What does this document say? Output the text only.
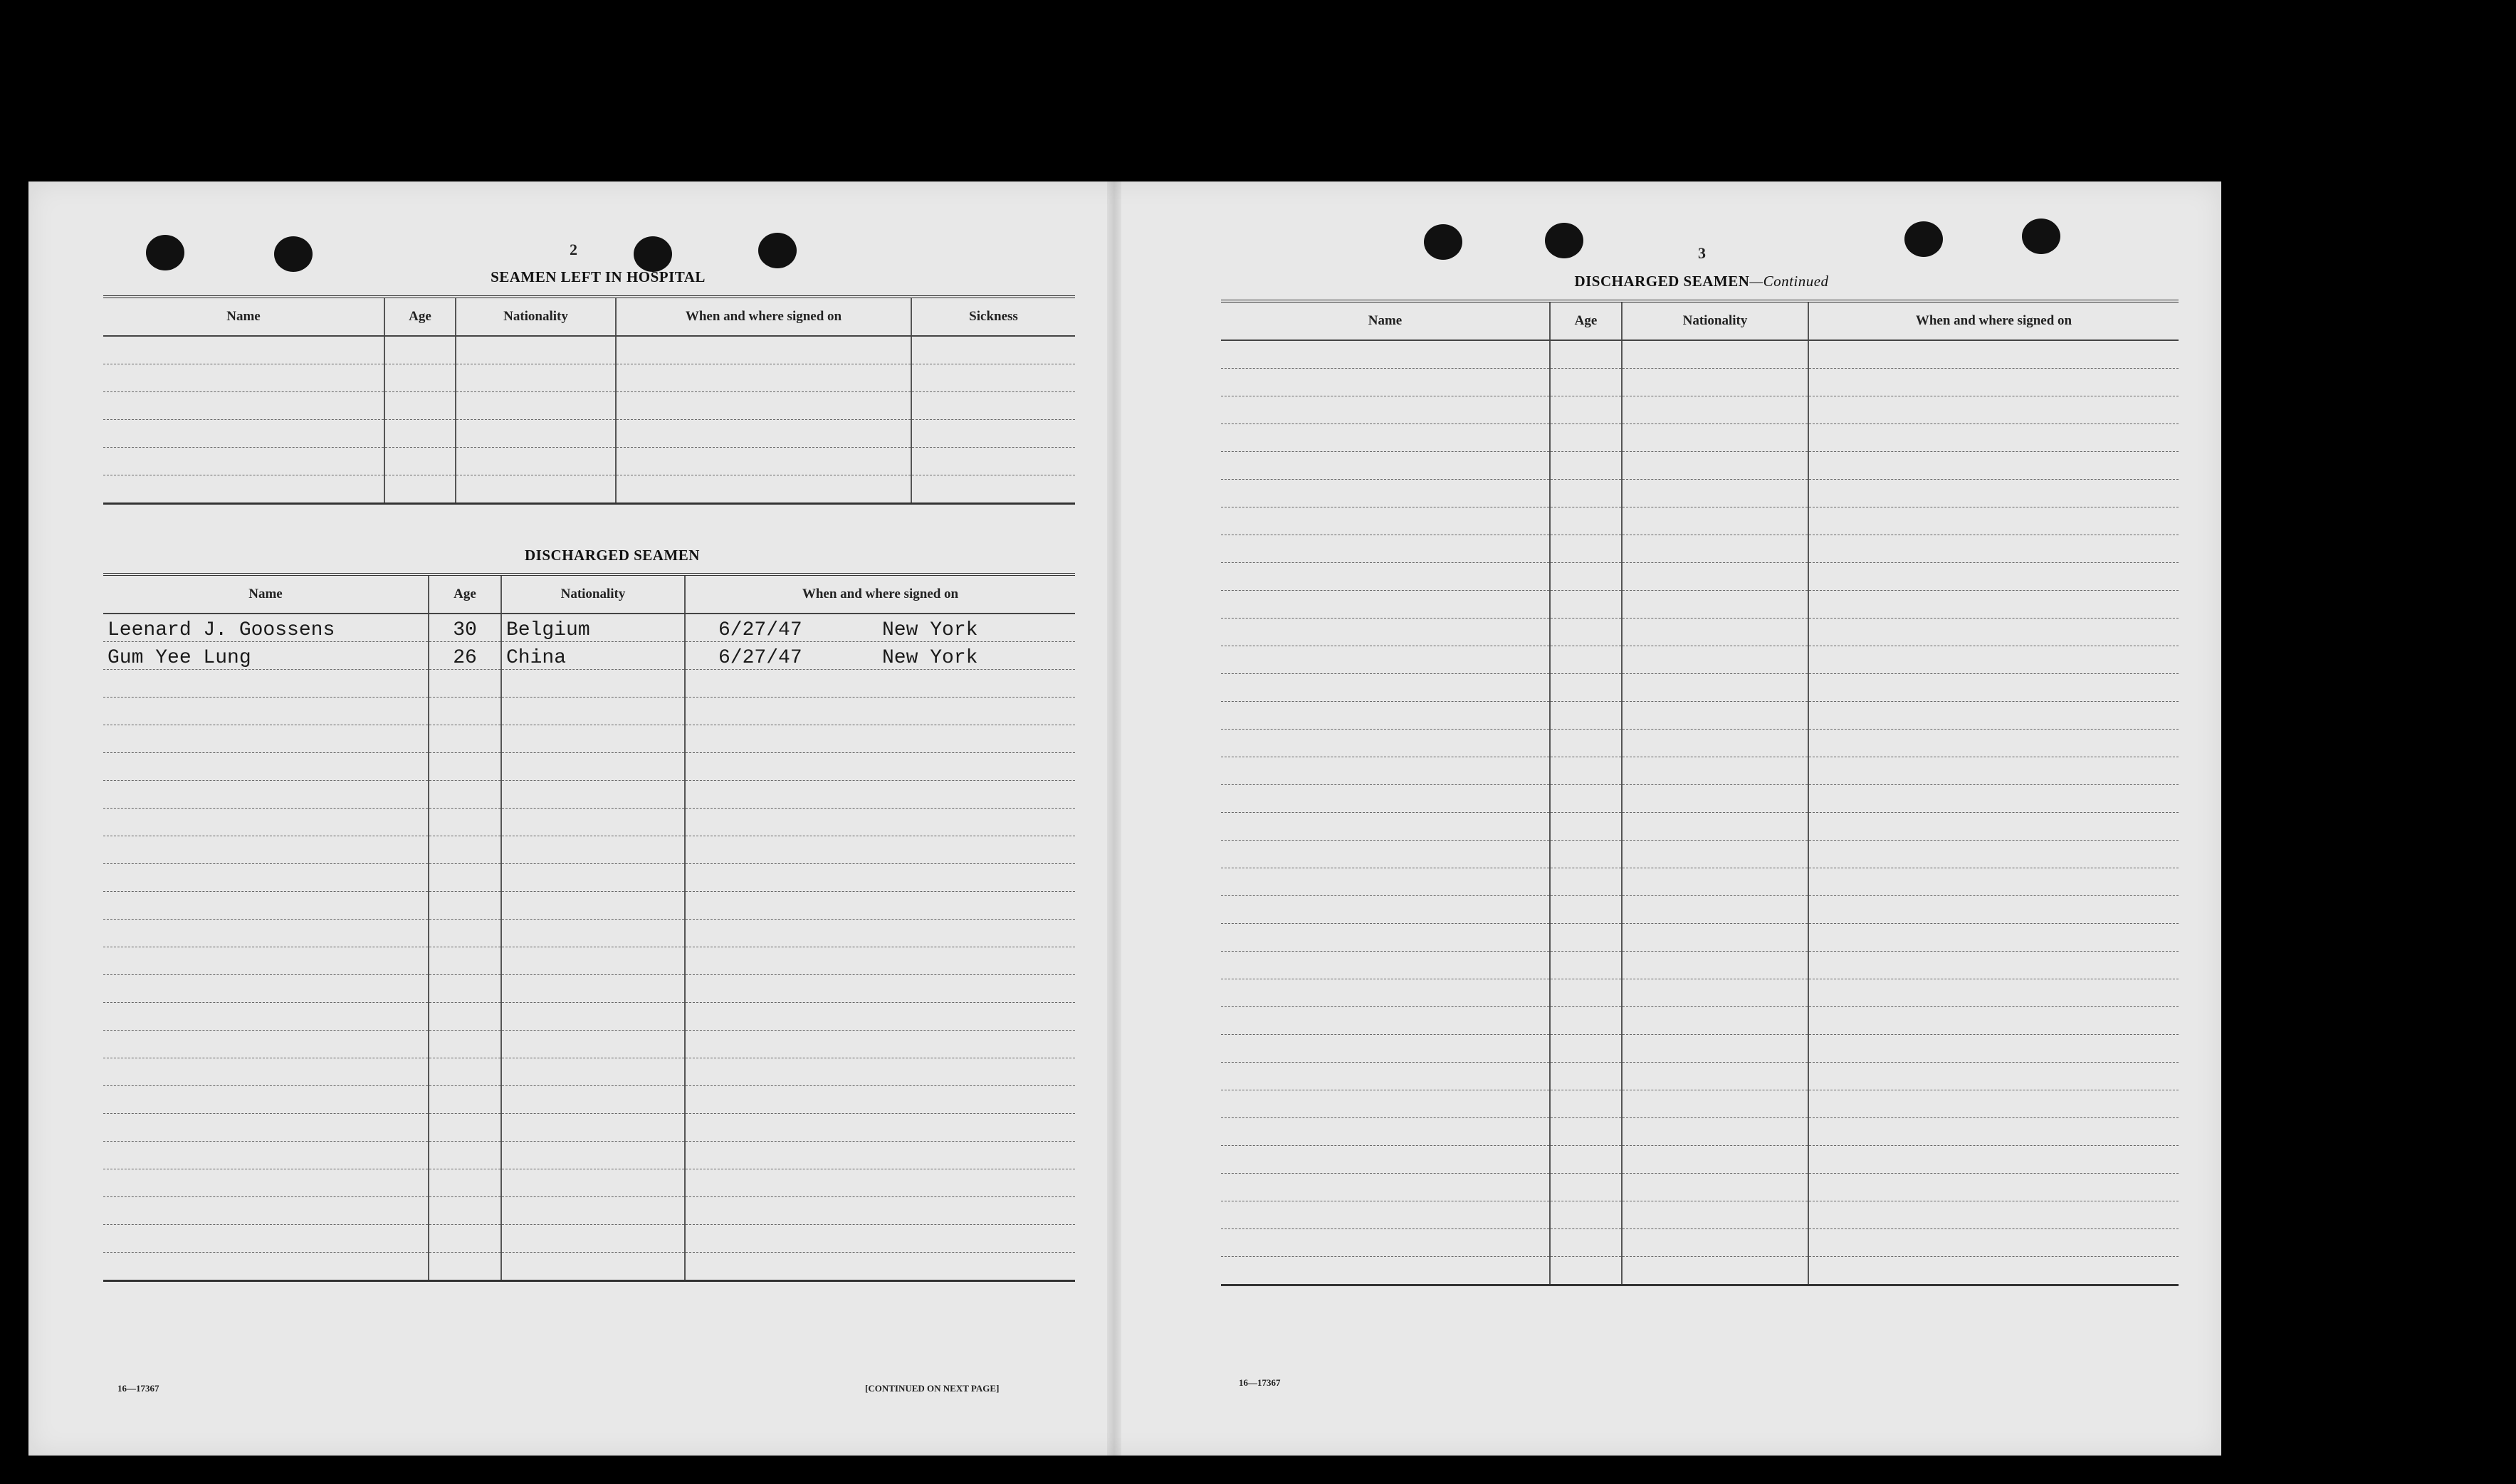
2
SEAMEN LEFT IN HOSPITAL
Name	Age	Nationality	When and where signed on	Sickness

DISCHARGED SEAMEN
Name	Age	Nationality	When and where signed on
Leenard J. Goossens	30	Belgium	6/27/47 New York
Gum Yee Lung	26	China	6/27/47 New York

16—17367	[CONTINUED ON NEXT PAGE]
3
DISCHARGED SEAMEN—Continued
Name	Age	Nationality	When and where signed on

16—17367
